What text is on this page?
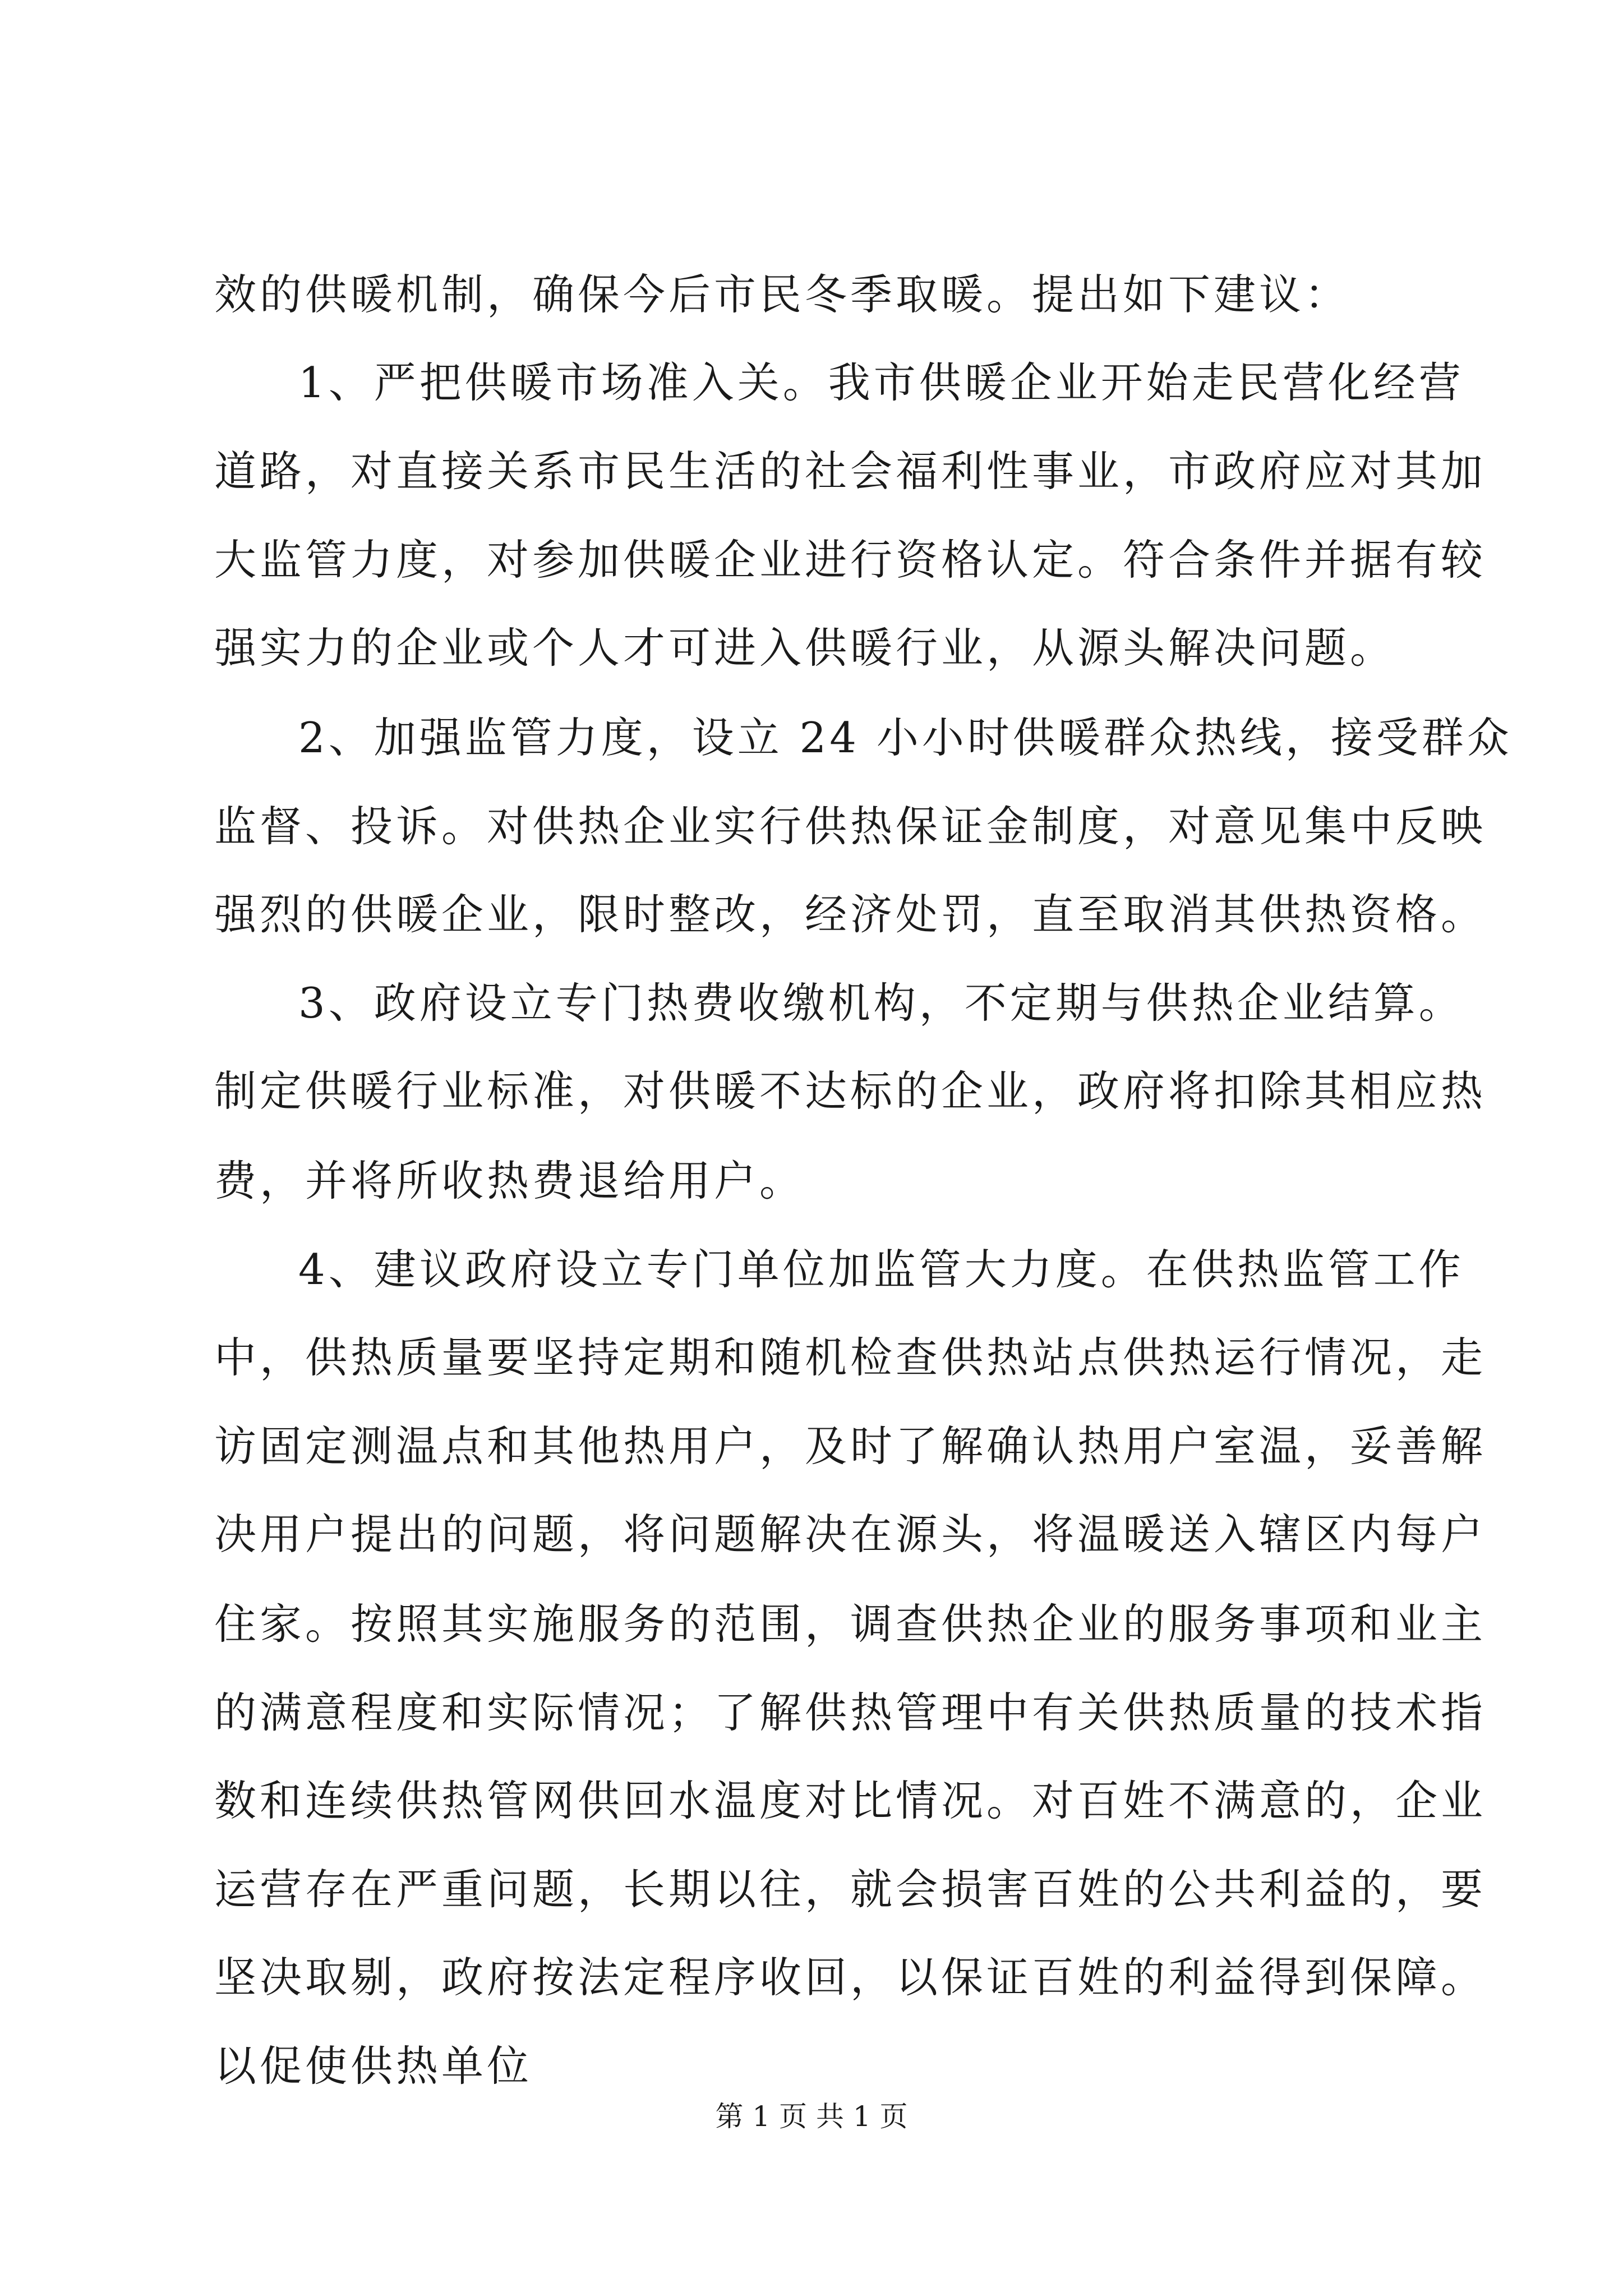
效的供暖机制，确保今后市民冬季取暖。提出如下建议：
1、严把供暖市场准入关。我市供暖企业开始走民营化经营
道路，对直接关系市民生活的社会福利性事业，市政府应对其加
大监管力度，对参加供暖企业进行资格认定。符合条件并据有较
强实力的企业或个人才可进入供暖行业，从源头解决问题。
2、加强监管力度，设立 24 小小时供暖群众热线，接受群众
监督、投诉。对供热企业实行供热保证金制度，对意见集中反映
强烈的供暖企业，限时整改，经济处罚，直至取消其供热资格。
3、政府设立专门热费收缴机构，不定期与供热企业结算。
制定供暖行业标准，对供暖不达标的企业，政府将扣除其相应热
费，并将所收热费退给用户。
4、建议政府设立专门单位加监管大力度。在供热监管工作
中，供热质量要坚持定期和随机检查供热站点供热运行情况，走
访固定测温点和其他热用户，及时了解确认热用户室温，妥善解
决用户提出的问题，将问题解决在源头，将温暖送入辖区内每户
住家。按照其实施服务的范围，调查供热企业的服务事项和业主
的满意程度和实际情况；了解供热管理中有关供热质量的技术指
数和连续供热管网供回水温度对比情况。对百姓不满意的，企业
运营存在严重问题，长期以往，就会损害百姓的公共利益的，要
坚决取剔，政府按法定程序收回，以保证百姓的利益得到保障。
以促使供热单位
第 1 页 共 1 页
